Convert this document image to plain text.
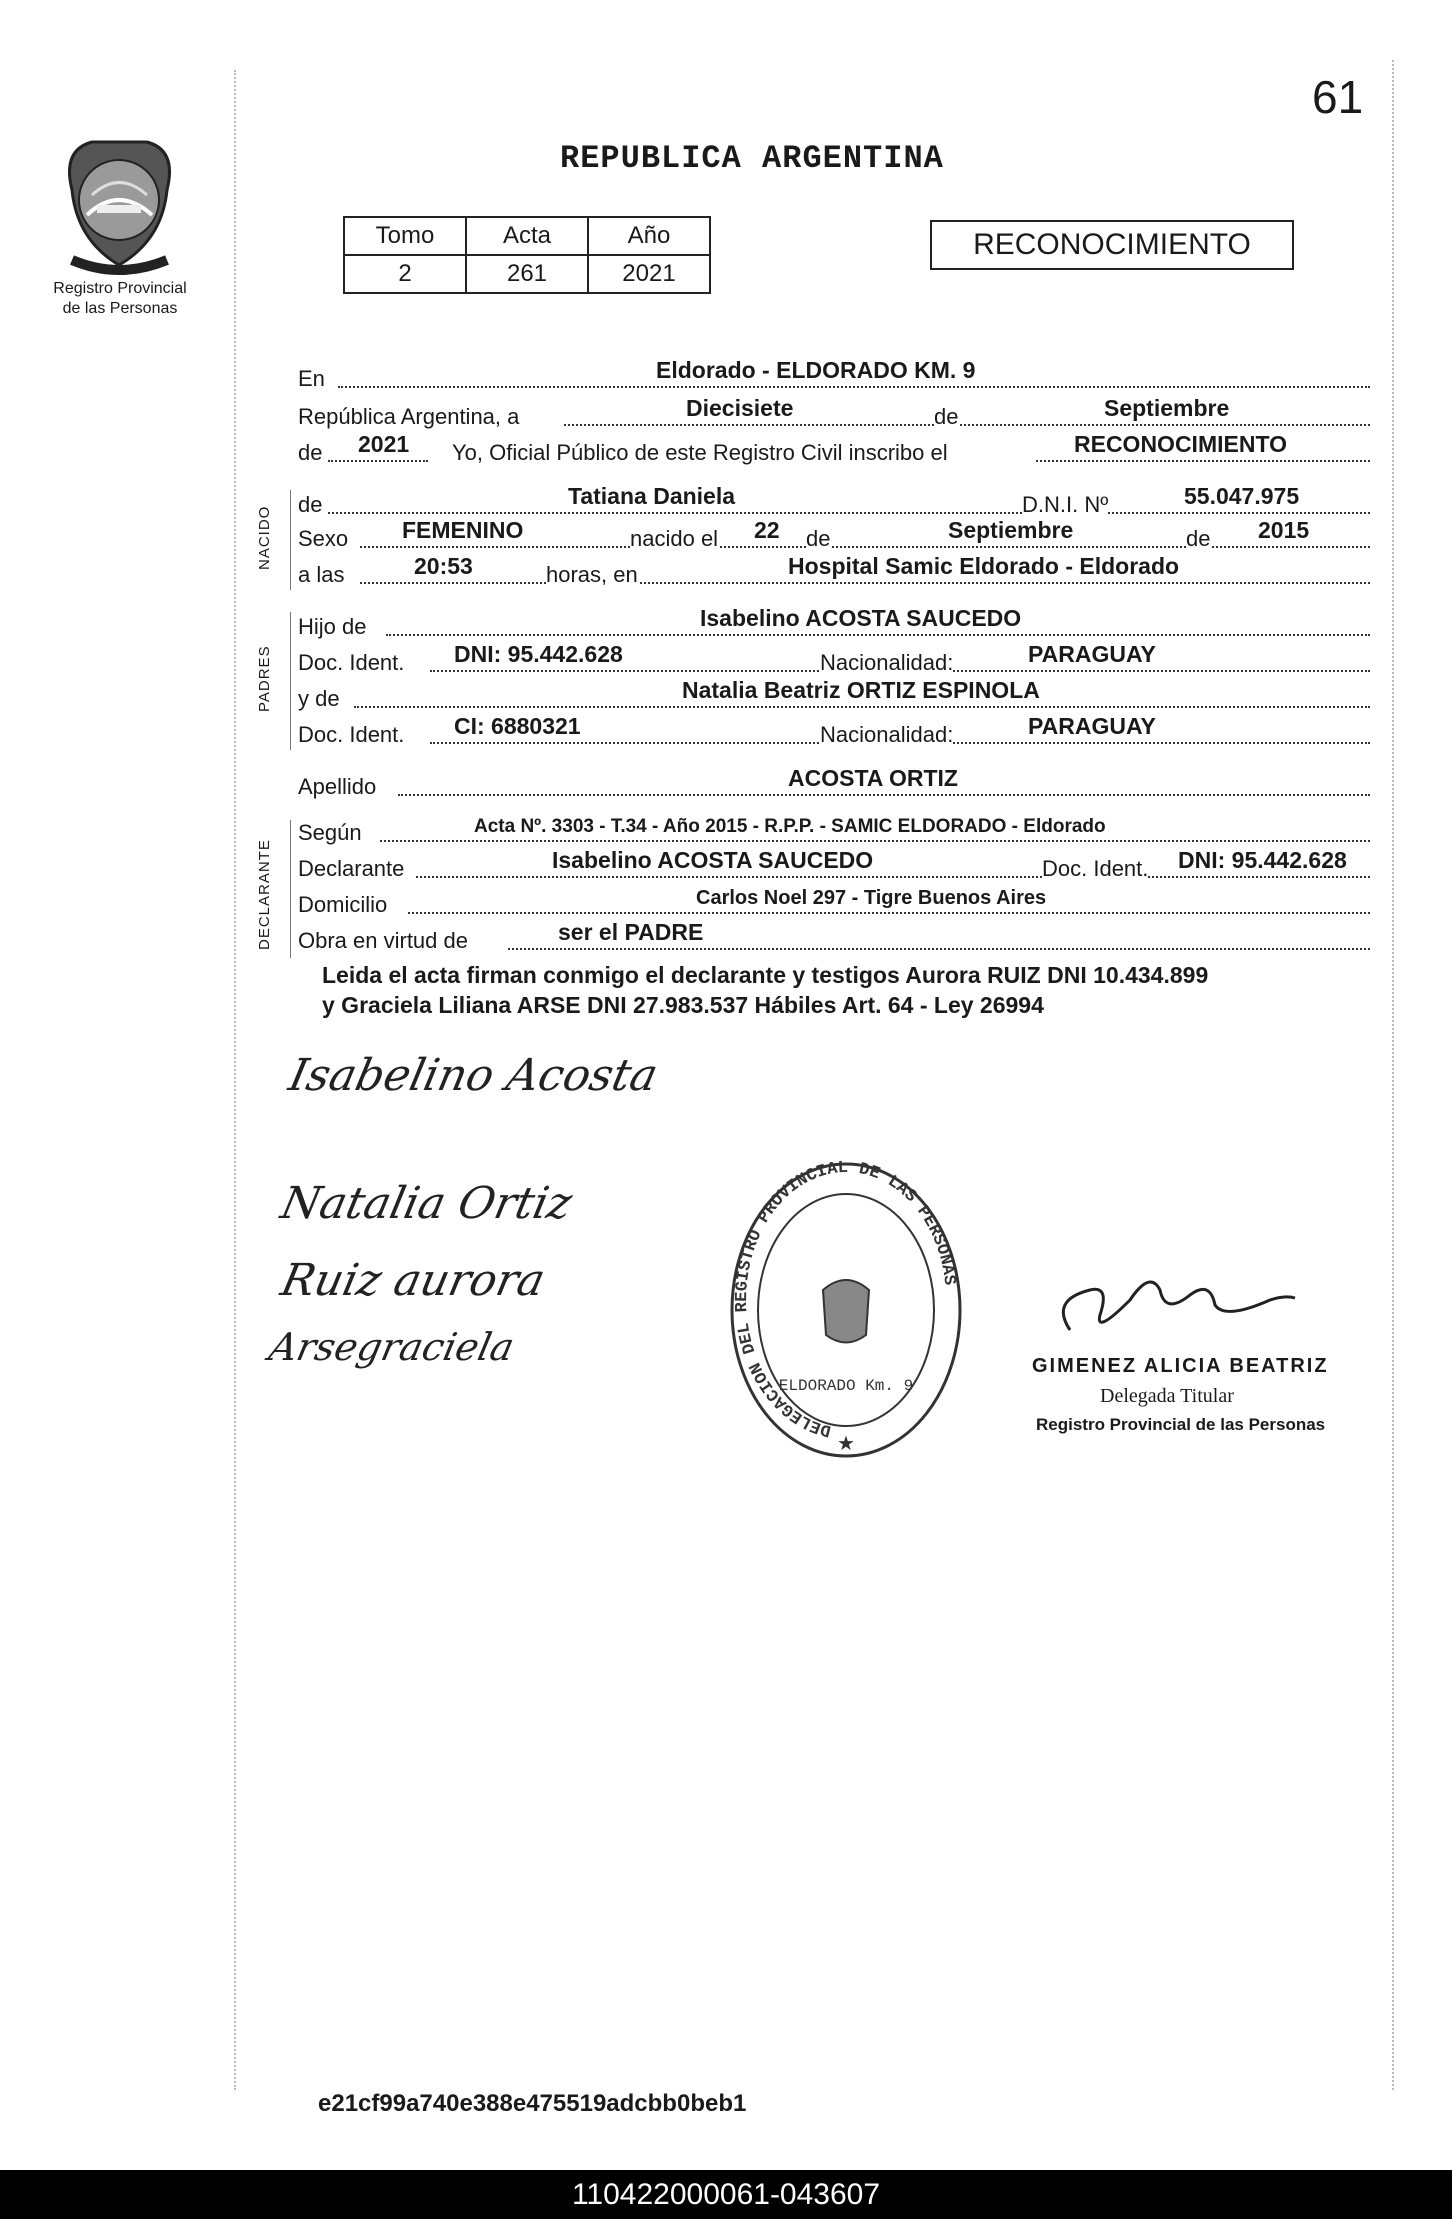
61
REPUBLICA ARGENTINA
Registro Provincial
de las Personas
Tomo	Acta	Año
2	261	2021
RECONOCIMIENTO
En	Eldorado - ELDORADO KM. 9
República Argentina, a	Diecisiete	de	Septiembre
de 2021 Yo, Oficial Público de este Registro Civil inscribo el	RECONOCIMIENTO
NACIDO
de	Tatiana Daniela	D.N.I. Nº	55.047.975
Sexo FEMENINO	nacido el 22 de	Septiembre	de 2015
a las	20:53	horas, en	Hospital Samic Eldorado - Eldorado
PADRES
Hijo de	Isabelino ACOSTA SAUCEDO
Doc. Ident. DNI: 95.442.628	Nacionalidad:	PARAGUAY
y de	Natalia Beatriz ORTIZ ESPINOLA
Doc. Ident. CI: 6880321	Nacionalidad:	PARAGUAY
Apellido	ACOSTA ORTIZ
DECLARANTE
Según	Acta Nº. 3303 - T.34 - Año 2015 - R.P.P. - SAMIC ELDORADO - Eldorado
Declarante	Isabelino ACOSTA SAUCEDO	Doc. Ident. DNI: 95.442.628
Domicilio	Carlos Noel 297 - Tigre Buenos Aires
Obra en virtud de	ser el PADRE
Leida el acta firman conmigo el declarante y testigos Aurora RUIZ DNI 10.434.899
y Graciela Liliana ARSE DNI 27.983.537 Hábiles Art. 64 - Ley 26994
Isabelino Acosta
Natalia Ortiz
Ruiz aurora
Arsegraciela
DELEGACION DEL REGISTRO PROVINCIAL DE LAS PERSONAS
ELDORADO Km. 9
★
GIMENEZ ALICIA BEATRIZ
Delegada Titular
Registro Provincial de las Personas
e21cf99a740e388e475519adcbb0beb1
110422000061-043607
